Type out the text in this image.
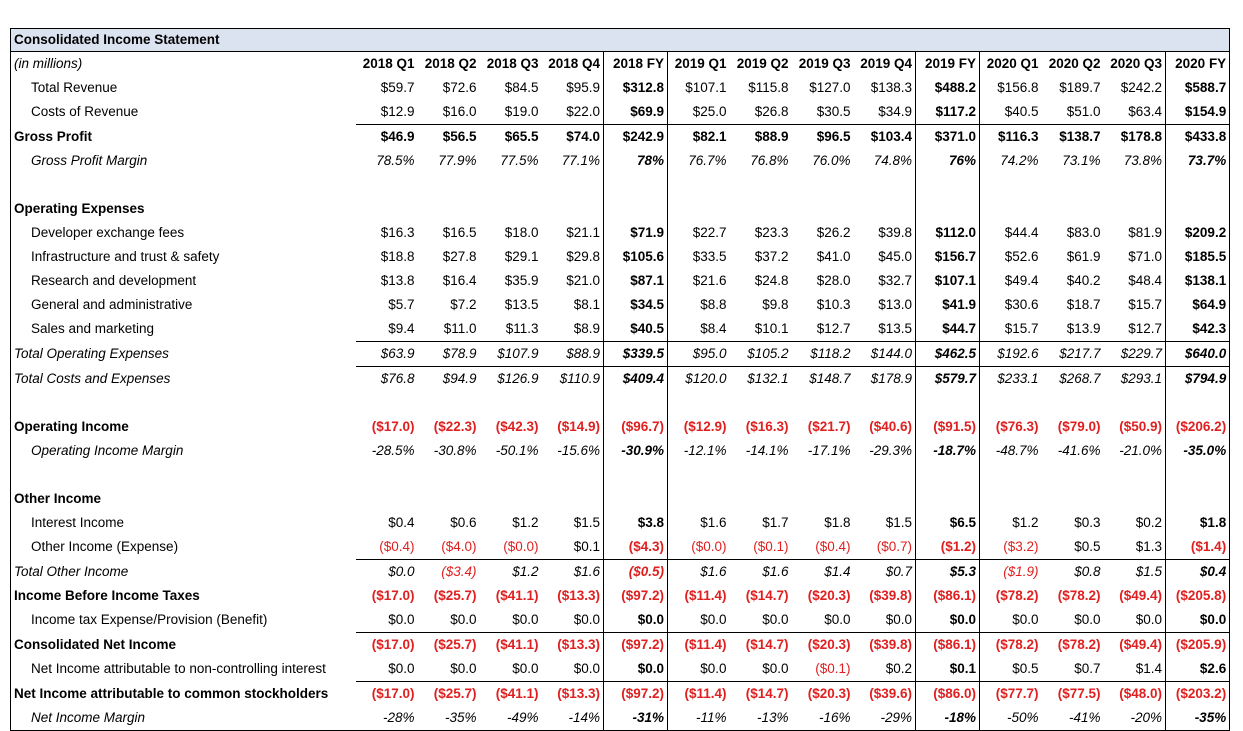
Consolidated Income Statement														
(in millions)	2018 Q1	2018 Q2	2018 Q3	2018 Q4	2018 FY	2019 Q1	2019 Q2	2019 Q3	2019 Q4	2019 FY	2020 Q1	2020 Q2	2020 Q3	2020 FY
Total Revenue	$59.7	$72.6	$84.5	$95.9	$312.8	$107.1	$115.8	$127.0	$138.3	$488.2	$156.8	$189.7	$242.2	$588.7
Costs of Revenue	$12.9	$16.0	$19.0	$22.0	$69.9	$25.0	$26.8	$30.5	$34.9	$117.2	$40.5	$51.0	$63.4	$154.9
Gross Profit	$46.9	$56.5	$65.5	$74.0	$242.9	$82.1	$88.9	$96.5	$103.4	$371.0	$116.3	$138.7	$178.8	$433.8
Gross Profit Margin	78.5%	77.9%	77.5%	77.1%	78%	76.7%	76.8%	76.0%	74.8%	76%	74.2%	73.1%	73.8%	73.7%

Operating Expenses														
Developer exchange fees	$16.3	$16.5	$18.0	$21.1	$71.9	$22.7	$23.3	$26.2	$39.8	$112.0	$44.4	$83.0	$81.9	$209.2
Infrastructure and trust & safety	$18.8	$27.8	$29.1	$29.8	$105.6	$33.5	$37.2	$41.0	$45.0	$156.7	$52.6	$61.9	$71.0	$185.5
Research and development	$13.8	$16.4	$35.9	$21.0	$87.1	$21.6	$24.8	$28.0	$32.7	$107.1	$49.4	$40.2	$48.4	$138.1
General and administrative	$5.7	$7.2	$13.5	$8.1	$34.5	$8.8	$9.8	$10.3	$13.0	$41.9	$30.6	$18.7	$15.7	$64.9
Sales and marketing	$9.4	$11.0	$11.3	$8.9	$40.5	$8.4	$10.1	$12.7	$13.5	$44.7	$15.7	$13.9	$12.7	$42.3
Total Operating Expenses	$63.9	$78.9	$107.9	$88.9	$339.5	$95.0	$105.2	$118.2	$144.0	$462.5	$192.6	$217.7	$229.7	$640.0
Total Costs and Expenses	$76.8	$94.9	$126.9	$110.9	$409.4	$120.0	$132.1	$148.7	$178.9	$579.7	$233.1	$268.7	$293.1	$794.9

Operating Income	($17.0)	($22.3)	($42.3)	($14.9)	($96.7)	($12.9)	($16.3)	($21.7)	($40.6)	($91.5)	($76.3)	($79.0)	($50.9)	($206.2)
Operating Income Margin	-28.5%	-30.8%	-50.1%	-15.6%	-30.9%	-12.1%	-14.1%	-17.1%	-29.3%	-18.7%	-48.7%	-41.6%	-21.0%	-35.0%

Other Income														
Interest Income	$0.4	$0.6	$1.2	$1.5	$3.8	$1.6	$1.7	$1.8	$1.5	$6.5	$1.2	$0.3	$0.2	$1.8
Other Income (Expense)	($0.4)	($4.0)	($0.0)	$0.1	($4.3)	($0.0)	($0.1)	($0.4)	($0.7)	($1.2)	($3.2)	$0.5	$1.3	($1.4)
Total Other Income	$0.0	($3.4)	$1.2	$1.6	($0.5)	$1.6	$1.6	$1.4	$0.7	$5.3	($1.9)	$0.8	$1.5	$0.4
Income Before Income Taxes	($17.0)	($25.7)	($41.1)	($13.3)	($97.2)	($11.4)	($14.7)	($20.3)	($39.8)	($86.1)	($78.2)	($78.2)	($49.4)	($205.8)
Income tax Expense/Provision (Benefit)	$0.0	$0.0	$0.0	$0.0	$0.0	$0.0	$0.0	$0.0	$0.0	$0.0	$0.0	$0.0	$0.0	$0.0
Consolidated Net Income	($17.0)	($25.7)	($41.1)	($13.3)	($97.2)	($11.4)	($14.7)	($20.3)	($39.8)	($86.1)	($78.2)	($78.2)	($49.4)	($205.9)
Net Income attributable to non-controlling interest	$0.0	$0.0	$0.0	$0.0	$0.0	$0.0	$0.0	($0.1)	$0.2	$0.1	$0.5	$0.7	$1.4	$2.6
Net Income attributable to common stockholders	($17.0)	($25.7)	($41.1)	($13.3)	($97.2)	($11.4)	($14.7)	($20.3)	($39.6)	($86.0)	($77.7)	($77.5)	($48.0)	($203.2)
Net Income Margin	-28%	-35%	-49%	-14%	-31%	-11%	-13%	-16%	-29%	-18%	-50%	-41%	-20%	-35%
